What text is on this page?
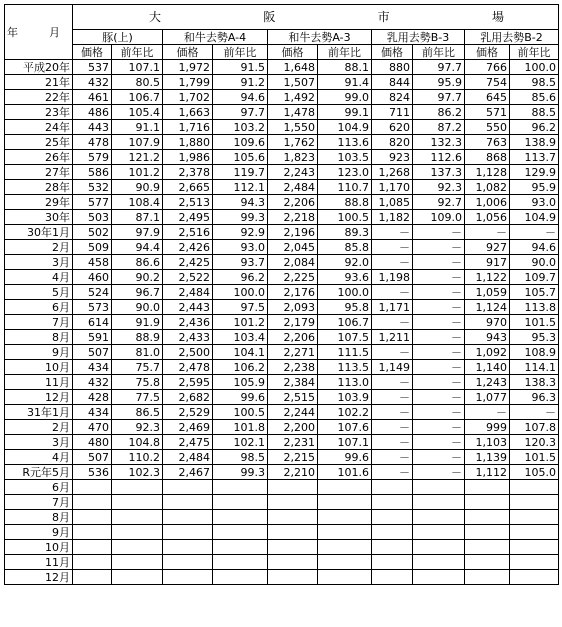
年　月	大 阪 市 場									

	豚(上)		和牛去勢A-4		和牛去勢A-3		乳用去勢B-3		乳用去勢B-2	
	価格	前年比	価格	前年比	価格	前年比	価格	前年比	価格	前年比
平成20年	537	107.1	1,972	91.5	1,648	88.1	880	97.7	766	100.0
21年	432	80.5	1,799	91.2	1,507	91.4	844	95.9	754	98.5
22年	461	106.7	1,702	94.6	1,492	99.0	824	97.7	645	85.6
23年	486	105.4	1,663	97.7	1,478	99.1	711	86.2	571	88.5
24年	443	91.1	1,716	103.2	1,550	104.9	620	87.2	550	96.2
25年	478	107.9	1,880	109.6	1,762	113.6	820	132.3	763	138.9
26年	579	121.2	1,986	105.6	1,823	103.5	923	112.6	868	113.7
27年	586	101.2	2,378	119.7	2,243	123.0	1,268	137.3	1,128	129.9
28年	532	90.9	2,665	112.1	2,484	110.7	1,170	92.3	1,082	95.9
29年	577	108.4	2,513	94.3	2,206	88.8	1,085	92.7	1,006	93.0
30年	503	87.1	2,495	99.3	2,218	100.5	1,182	109.0	1,056	104.9
30年1月	502	97.9	2,516	92.9	2,196	89.3	－	－	－	－
2月	509	94.4	2,426	93.0	2,045	85.8	－	－	927	94.6
3月	458	86.6	2,425	93.7	2,084	92.0	－	－	917	90.0
4月	460	90.2	2,522	96.2	2,225	93.6	1,198	－	1,122	109.7
5月	524	96.7	2,484	100.0	2,176	100.0	－	－	1,059	105.7
6月	573	90.0	2,443	97.5	2,093	95.8	1,171	－	1,124	113.8
7月	614	91.9	2,436	101.2	2,179	106.7	－	－	970	101.5
8月	591	88.9	2,433	103.4	2,206	107.5	1,211	－	943	95.3
9月	507	81.0	2,500	104.1	2,271	111.5	－	－	1,092	108.9
10月	434	75.7	2,478	106.2	2,238	113.5	1,149	－	1,140	114.1
11月	432	75.8	2,595	105.9	2,384	113.0	－	－	1,243	138.3
12月	428	77.5	2,682	99.6	2,515	103.9	－	－	1,077	96.3
31年1月	434	86.5	2,529	100.5	2,244	102.2	－	－	－	－
2月	470	92.3	2,469	101.8	2,200	107.6	－	－	999	107.8
3月	480	104.8	2,475	102.1	2,231	107.1	－	－	1,103	120.3
4月	507	110.2	2,484	98.5	2,215	99.6	－	－	1,139	101.5
R元年5月	536	102.3	2,467	99.3	2,210	101.6	－	－	1,112	105.0
6月										
7月										
8月										
9月										
10月										
11月										
12月										
